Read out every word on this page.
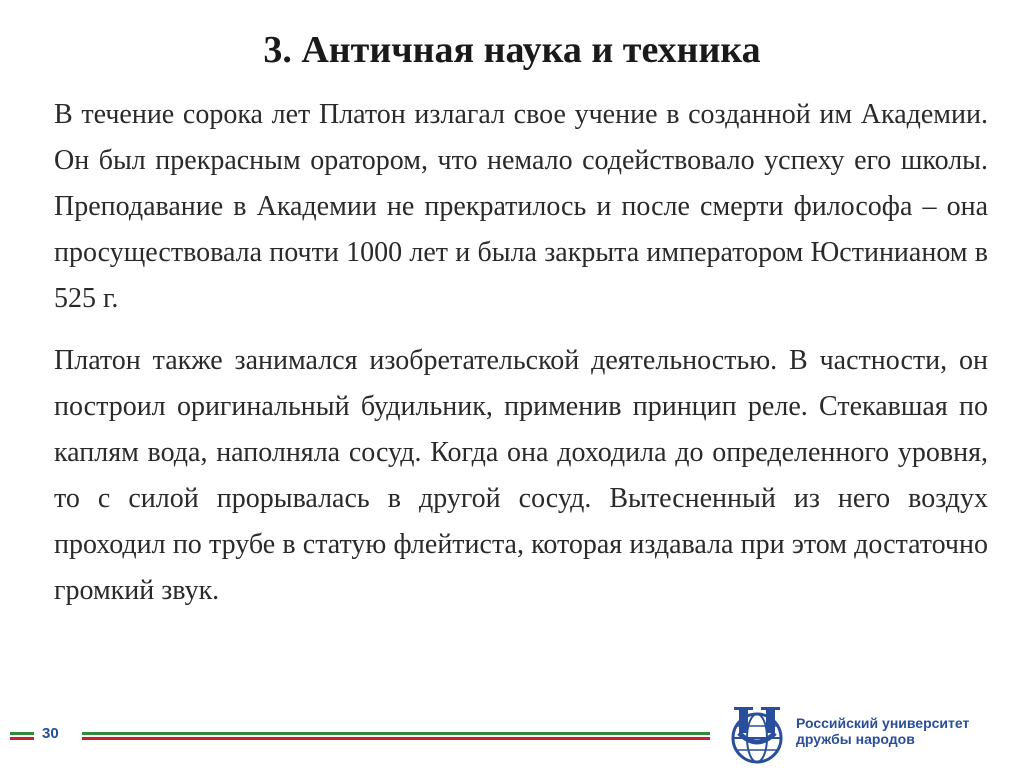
3. Античная наука и техника

В течение сорока лет Платон излагал свое учение в созданной им Академии. Он был прекрасным оратором, что немало содействовало успеху его школы. Преподавание в Академии не прекратилось и после смерти философа – она просуществовала почти 1000 лет и была закрыта императором Юстинианом в 525 г.

Платон также занимался изобретательской деятельностью. В частности, он построил оригинальный будильник, применив принцип реле. Стекавшая по каплям вода, наполняла сосуд. Когда она доходила до определенного уровня, то с силой прорывалась в другой сосуд. Вытесненный из него воздух проходил по трубе в статую флейтиста, которая издавала при этом достаточно громкий звук.

30
Российский университет
дружбы народов
